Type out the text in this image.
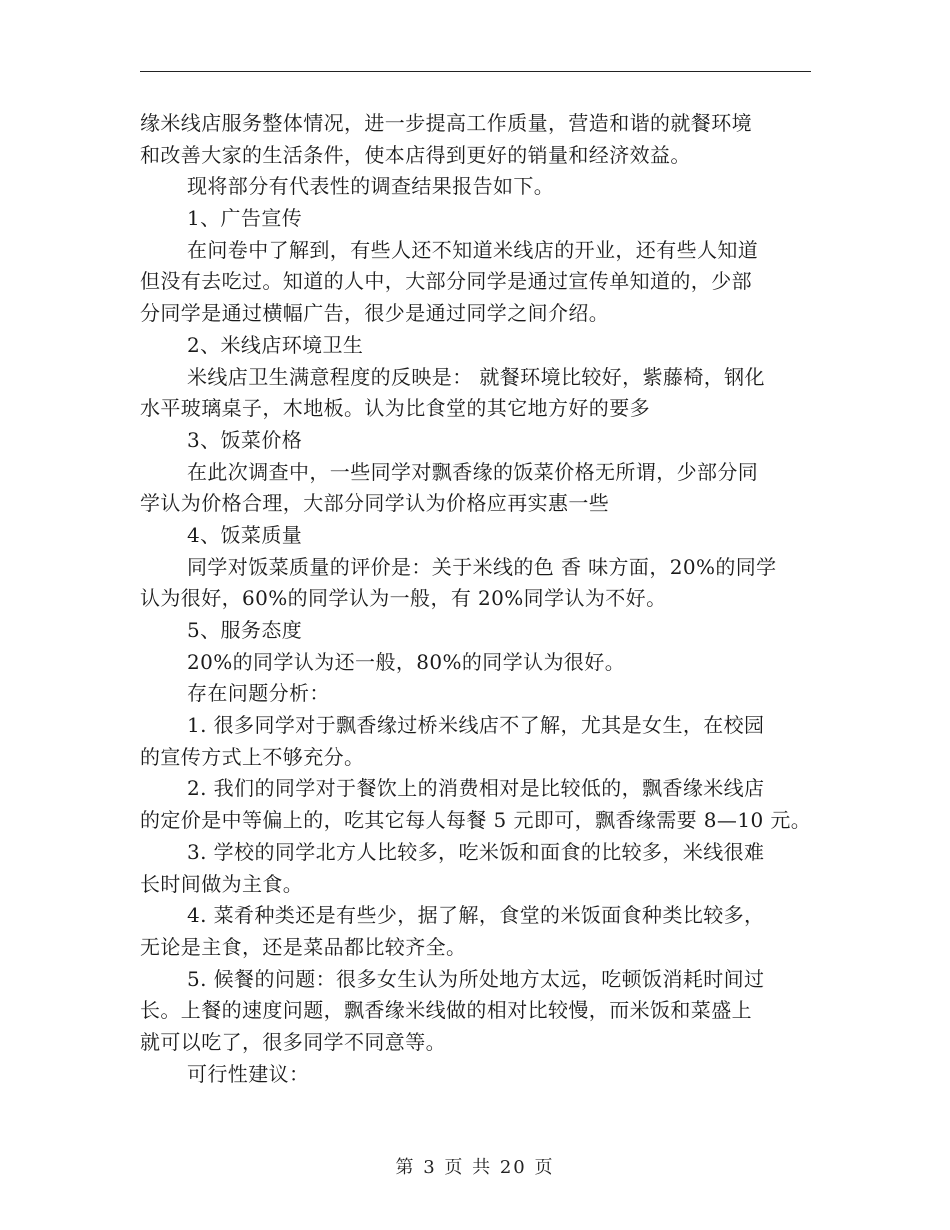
缘米线店服务整体情况，进一步提高工作质量，营造和谐的就餐环境
和改善大家的生活条件，使本店得到更好的销量和经济效益。
现将部分有代表性的调查结果报告如下。
1、广告宣传
在问卷中了解到，有些人还不知道米线店的开业，还有些人知道
但没有去吃过。知道的人中，大部分同学是通过宣传单知道的，少部
分同学是通过横幅广告，很少是通过同学之间介绍。
2、米线店环境卫生
米线店卫生满意程度的反映是： 就餐环境比较好，紫藤椅，钢化
水平玻璃桌子，木地板。认为比食堂的其它地方好的要多
3、饭菜价格
在此次调查中，一些同学对飘香缘的饭菜价格无所谓，少部分同
学认为价格合理，大部分同学认为价格应再实惠一些
4、饭菜质量
同学对饭菜质量的评价是：关于米线的色 香 味方面，20%的同学
认为很好，60%的同学认为一般，有 20%同学认为不好。
5、服务态度
20%的同学认为还一般，80%的同学认为很好。
存在问题分析：
1. 很多同学对于飘香缘过桥米线店不了解，尤其是女生，在校园
的宣传方式上不够充分。
2. 我们的同学对于餐饮上的消费相对是比较低的，飘香缘米线店
的定价是中等偏上的，吃其它每人每餐 5 元即可，飘香缘需要 8—10 元。
3. 学校的同学北方人比较多，吃米饭和面食的比较多，米线很难
长时间做为主食。
4. 菜肴种类还是有些少，据了解，食堂的米饭面食种类比较多，
无论是主食，还是菜品都比较齐全。
5. 候餐的问题：很多女生认为所处地方太远，吃顿饭消耗时间过
长。上餐的速度问题，飘香缘米线做的相对比较慢，而米饭和菜盛上
就可以吃了，很多同学不同意等。
可行性建议：
第 3 页 共 20 页
